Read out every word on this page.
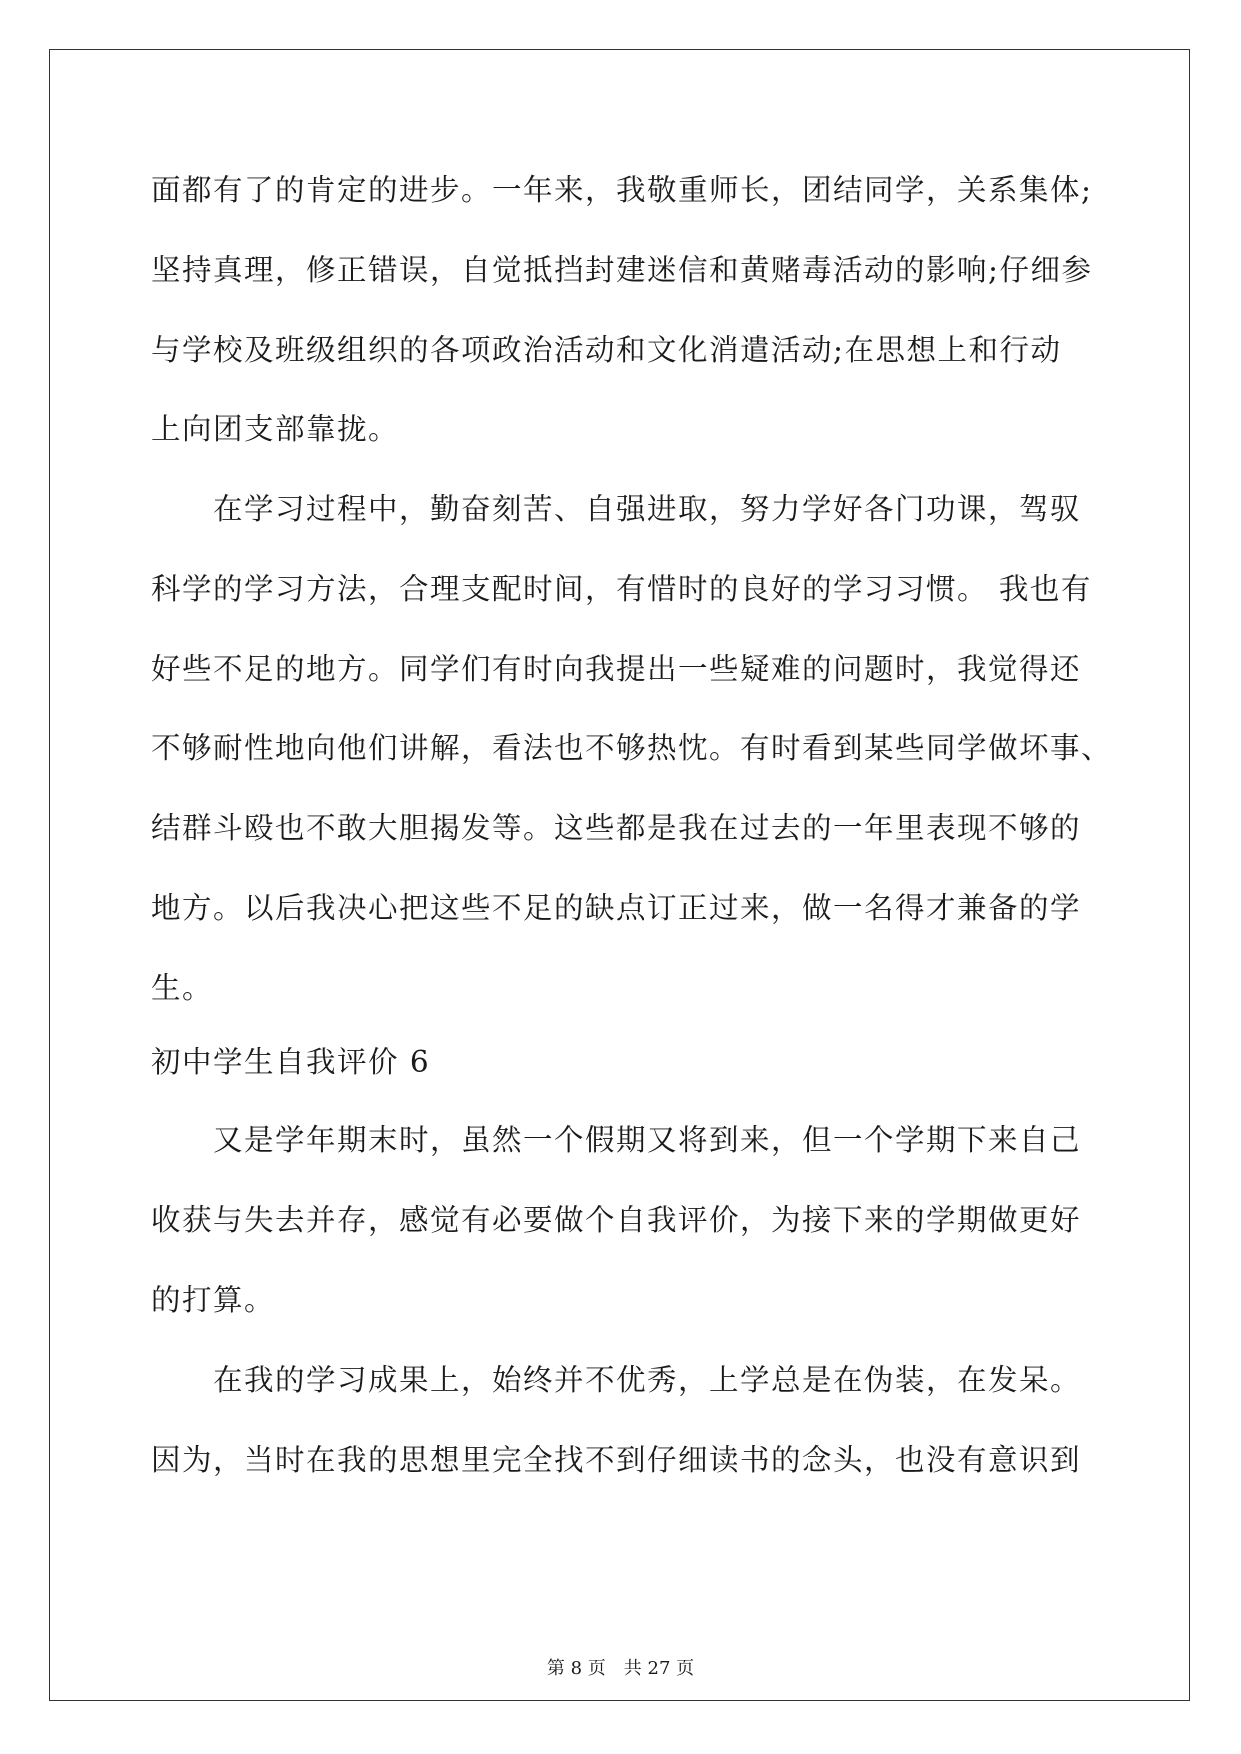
面都有了的肯定的进步。一年来，我敬重师长，团结同学，关系集体;
坚持真理，修正错误，自觉抵挡封建迷信和黄赌毒活动的影响;仔细参
与学校及班级组织的各项政治活动和文化消遣活动;在思想上和行动
上向团支部靠拢。
　　在学习过程中，勤奋刻苦、自强进取，努力学好各门功课，驾驭
科学的学习方法，合理支配时间，有惜时的良好的学习习惯。 我也有
好些不足的地方。同学们有时向我提出一些疑难的问题时，我觉得还
不够耐性地向他们讲解，看法也不够热忱。有时看到某些同学做坏事、
结群斗殴也不敢大胆揭发等。这些都是我在过去的一年里表现不够的
地方。以后我决心把这些不足的缺点订正过来，做一名得才兼备的学
生。
初中学生自我评价 6
　　又是学年期末时，虽然一个假期又将到来，但一个学期下来自己
收获与失去并存，感觉有必要做个自我评价，为接下来的学期做更好
的打算。
　　在我的学习成果上，始终并不优秀，上学总是在伪装，在发呆。
因为，当时在我的思想里完全找不到仔细读书的念头，也没有意识到
第 8 页　共 27 页
